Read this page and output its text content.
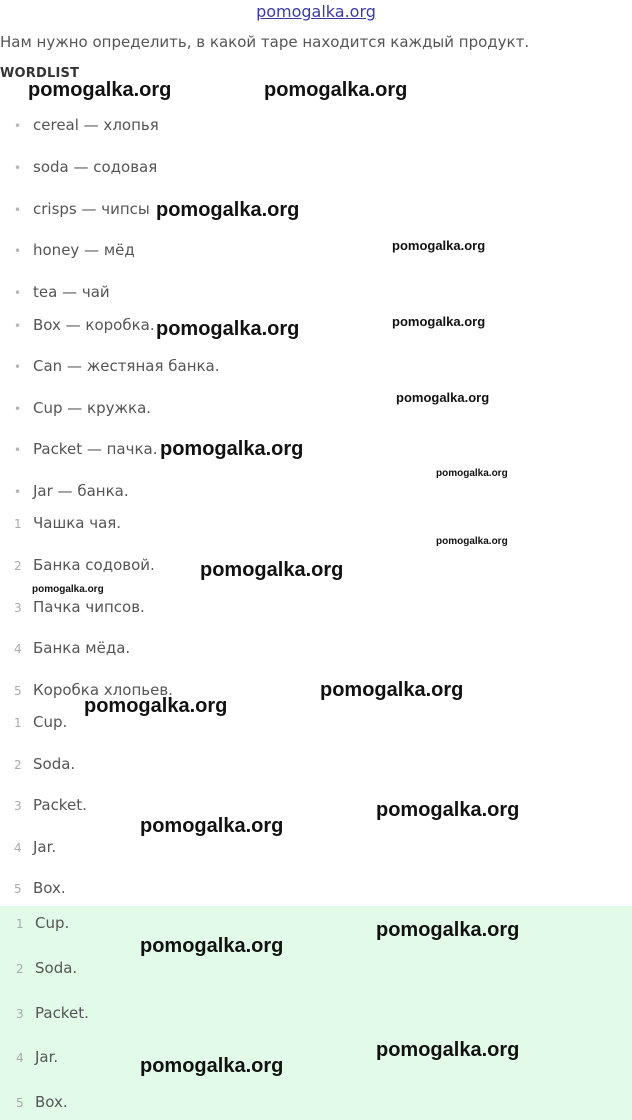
pomogalka.org
Нам нужно определить, в какой таре находится каждый продукт.
WORDLIST
• cereal — хлопья
• soda — содовая
• crisps — чипсы
• honey — мёд
• tea — чай
• Box — коробка.
• Can — жестяная банка.
• Cup — кружка.
• Packet — пачка.
• Jar — банка.
1 Чашка чая.
2 Банка содовой.
3 Пачка чипсов.
4 Банка мёда.
5 Коробка хлопьев.
1 Cup.
2 Soda.
3 Packet.
4 Jar.
5 Box.
1 Cup.
2 Soda.
3 Packet.
4 Jar.
5 Box.
pomogalka.org	pomogalka.org
pomogalka.org
pomogalka.org
pomogalka.org	pomogalka.org
pomogalka.org
pomogalka.org
pomogalka.org
pomogalka.org
pomogalka.org
pomogalka.org
pomogalka.org
pomogalka.org
pomogalka.org
pomogalka.org
pomogalka.org
pomogalka.org
pomogalka.org
pomogalka.org
